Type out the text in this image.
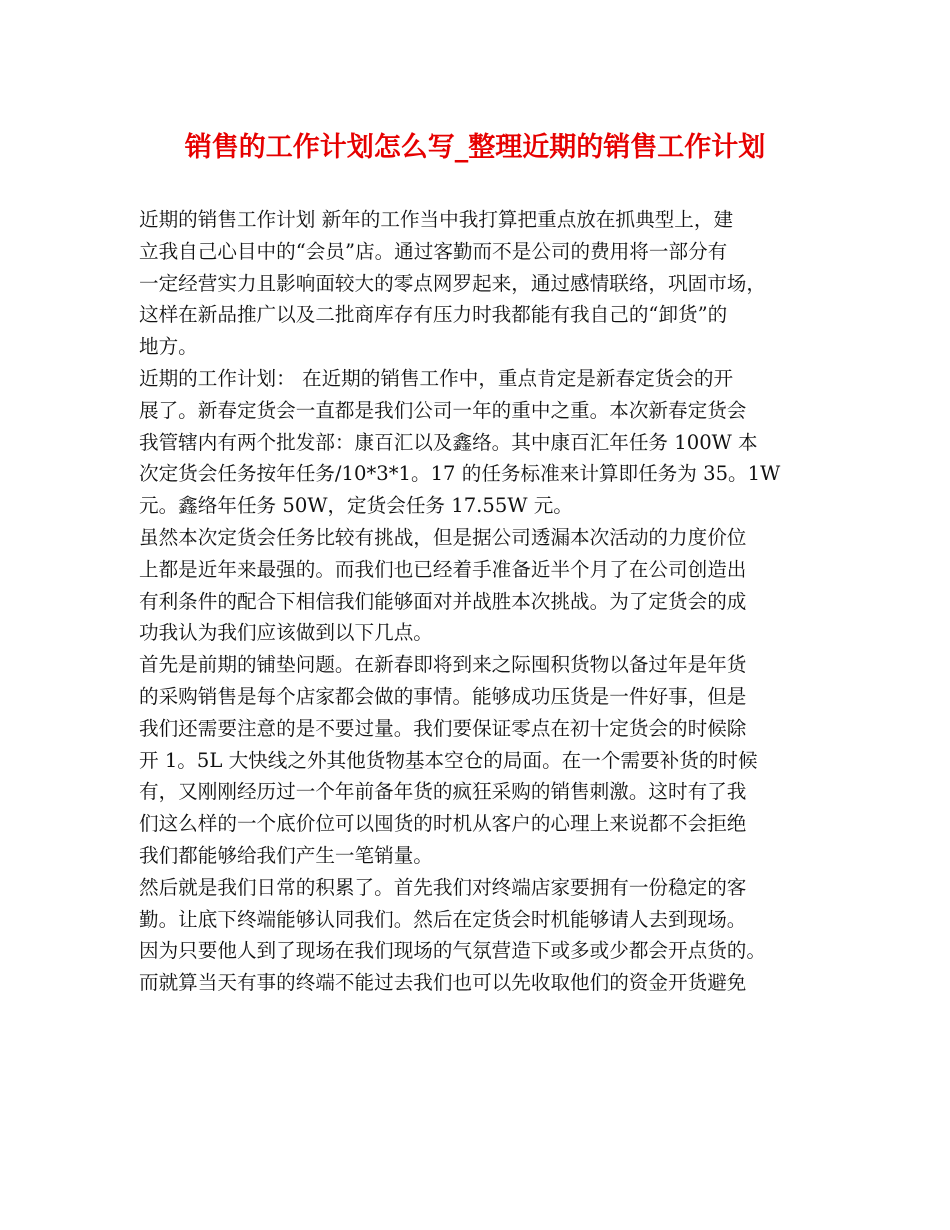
销售的工作计划怎么写_整理近期的销售工作计划
近期的销售工作计划 新年的工作当中我打算把重点放在抓典型上，建
立我自己心目中的“会员”店。通过客勤而不是公司的费用将一部分有
一定经营实力且影响面较大的零点网罗起来，通过感情联络，巩固市场，
这样在新品推广以及二批商库存有压力时我都能有我自己的“卸货”的
地方。
近期的工作计划： 在近期的销售工作中，重点肯定是新春定货会的开
展了。新春定货会一直都是我们公司一年的重中之重。本次新春定货会
我管辖内有两个批发部：康百汇以及鑫络。其中康百汇年任务 100W 本
次定货会任务按年任务/10*3*1。17 的任务标准来计算即任务为 35。1W
元。鑫络年任务 50W，定货会任务 17.55W 元。
虽然本次定货会任务比较有挑战，但是据公司透漏本次活动的力度价位
上都是近年来最强的。而我们也已经着手准备近半个月了在公司创造出
有利条件的配合下相信我们能够面对并战胜本次挑战。为了定货会的成
功我认为我们应该做到以下几点。
首先是前期的铺垫问题。在新春即将到来之际囤积货物以备过年是年货
的采购销售是每个店家都会做的事情。能够成功压货是一件好事，但是
我们还需要注意的是不要过量。我们要保证零点在初十定货会的时候除
开 1。5L 大快线之外其他货物基本空仓的局面。在一个需要补货的时候
有，又刚刚经历过一个年前备年货的疯狂采购的销售刺激。这时有了我
们这么样的一个底价位可以囤货的时机从客户的心理上来说都不会拒绝
我们都能够给我们产生一笔销量。
然后就是我们日常的积累了。首先我们对终端店家要拥有一份稳定的客
勤。让底下终端能够认同我们。然后在定货会时机能够请人去到现场。
因为只要他人到了现场在我们现场的气氛营造下或多或少都会开点货的。
而就算当天有事的终端不能过去我们也可以先收取他们的资金开货避免
